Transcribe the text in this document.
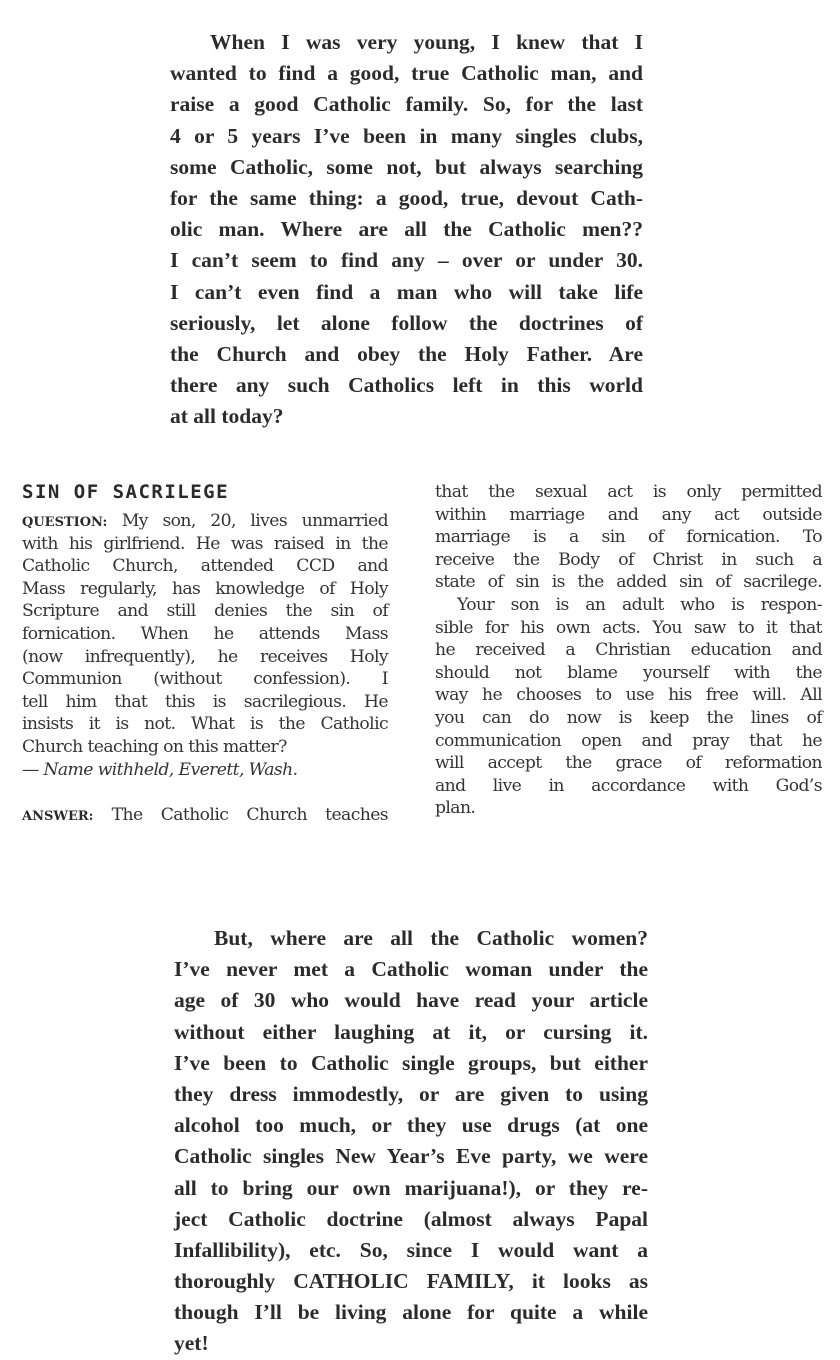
When I was very young, I knew that I
wanted to find a good, true Catholic man, and
raise a good Catholic family. So, for the last
4 or 5 years I’ve been in many singles clubs,
some Catholic, some not, but always searching
for the same thing: a good, true, devout Cath-
olic man. Where are all the Catholic men??
I can’t seem to find any – over or under 30.
I can’t even find a man who will take life
seriously, let alone follow the doctrines of
the Church and obey the Holy Father. Are
there any such Catholics left in this world
at all today?
SIN OF SACRILEGE
QUESTION: My son, 20, lives unmarried
with his girlfriend. He was raised in the
Catholic Church, attended CCD and
Mass regularly, has knowledge of Holy
Scripture and still denies the sin of
fornication. When he attends Mass
(now infrequently), he receives Holy
Communion (without confession). I
tell him that this is sacrilegious. He
insists it is not. What is the Catholic
Church teaching on this matter?
— Name withheld, Everett, Wash.
ANSWER: The Catholic Church teaches
that the sexual act is only permitted
within marriage and any act outside
marriage is a sin of fornication. To
receive the Body of Christ in such a
state of sin is the added sin of sacrilege.
Your son is an adult who is respon-
sible for his own acts. You saw to it that
he received a Christian education and
should not blame yourself with the
way he chooses to use his free will. All
you can do now is keep the lines of
communication open and pray that he
will accept the grace of reformation
and live in accordance with God’s
plan.
But, where are all the Catholic women?
I’ve never met a Catholic woman under the
age of 30 who would have read your article
without either laughing at it, or cursing it.
I’ve been to Catholic single groups, but either
they dress immodestly, or are given to using
alcohol too much, or they use drugs (at one
Catholic singles New Year’s Eve party, we were
all to bring our own marijuana!), or they re-
ject Catholic doctrine (almost always Papal
Infallibility), etc. So, since I would want a
thoroughly CATHOLIC FAMILY, it looks as
though I’ll be living alone for quite a while
yet!
